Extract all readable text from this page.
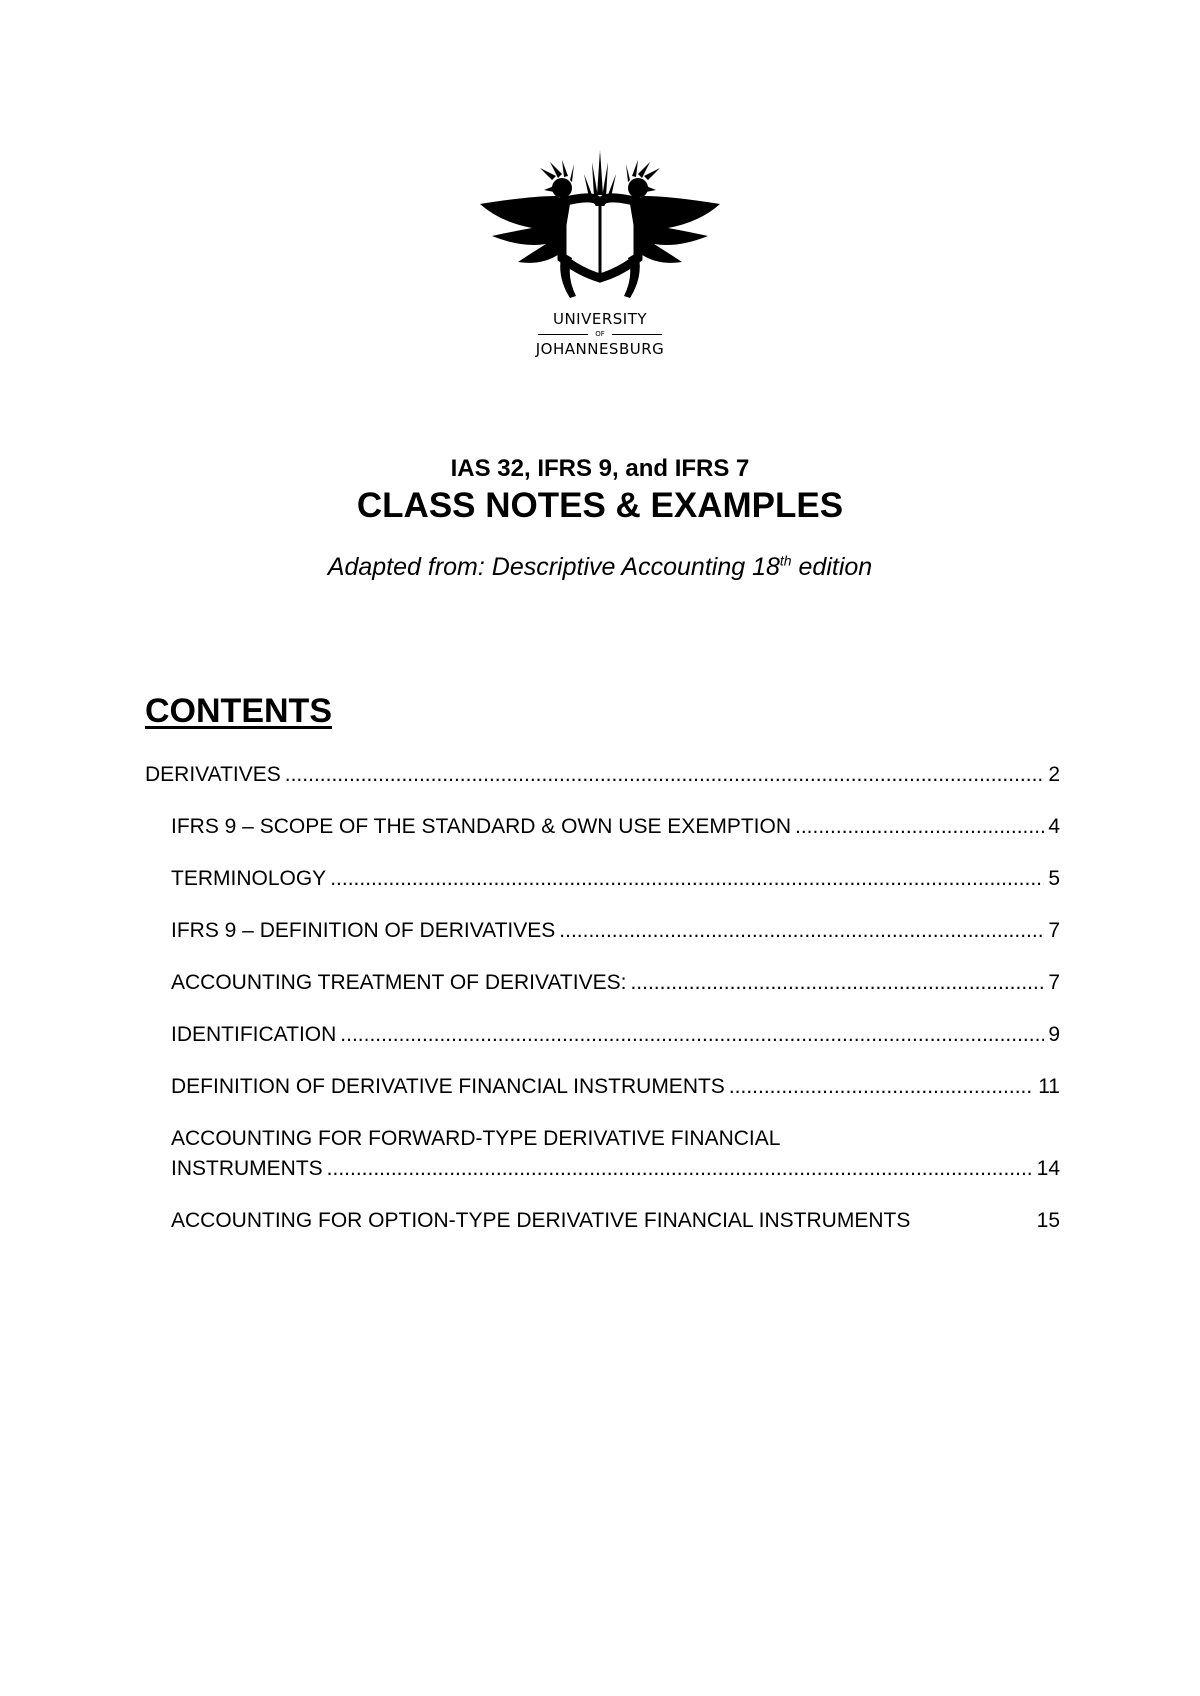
UNIVERSITY
OF
JOHANNESBURG
IAS 32, IFRS 9, and IFRS 7
CLASS NOTES & EXAMPLES
Adapted from: Descriptive Accounting 18th edition
CONTENTS
DERIVATIVES .....	2
IFRS 9 – SCOPE OF THE STANDARD & OWN USE EXEMPTION .....	4
TERMINOLOGY .....	5
IFRS 9 – DEFINITION OF DERIVATIVES .....	7
ACCOUNTING TREATMENT OF DERIVATIVES: .....	7
IDENTIFICATION .....	9
DEFINITION OF DERIVATIVE FINANCIAL INSTRUMENTS .....	11
ACCOUNTING FOR FORWARD-TYPE DERIVATIVE FINANCIAL
INSTRUMENTS .....	14
ACCOUNTING FOR OPTION-TYPE DERIVATIVE FINANCIAL INSTRUMENTS	15
